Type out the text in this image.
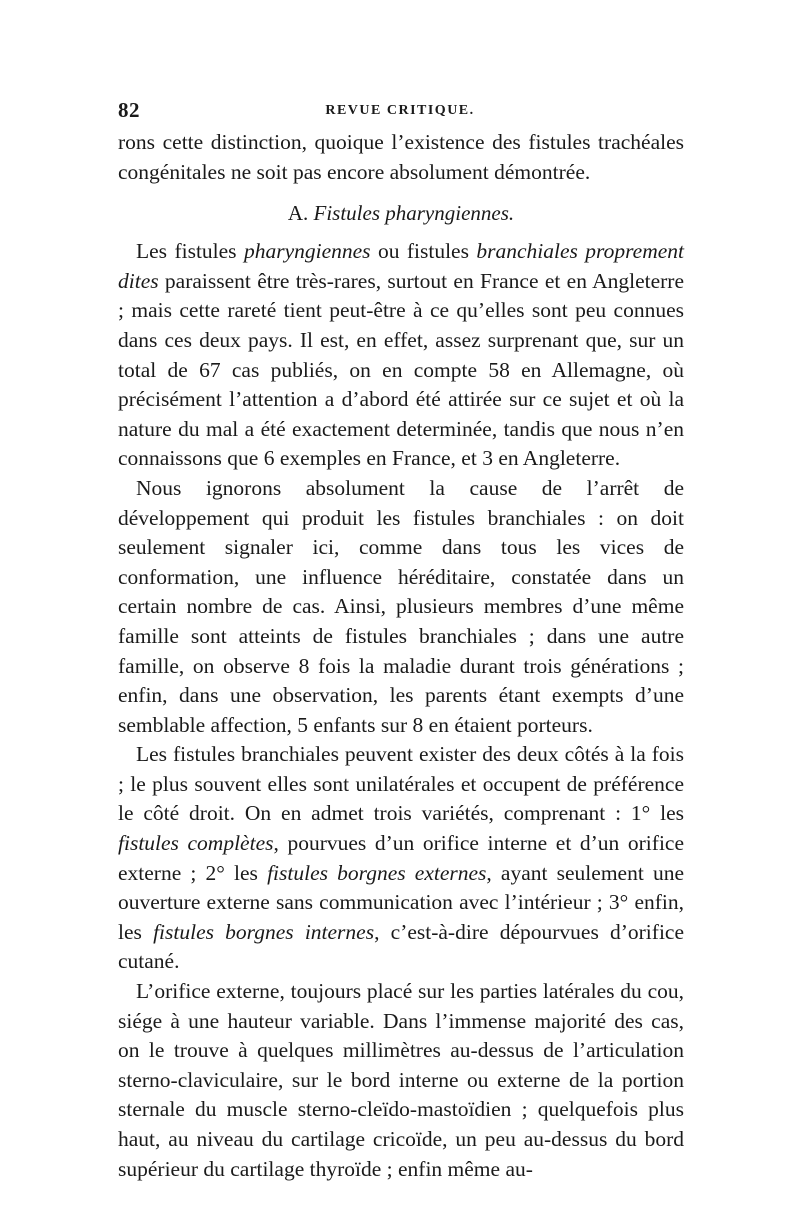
82	REVUE CRITIQUE.

rons cette distinction, quoique l’existence des fistules trachéales congénitales ne soit pas encore absolument démontrée.

A. Fistules pharyngiennes.

Les fistules pharyngiennes ou fistules branchiales proprement dites paraissent être très-rares, surtout en France et en Angleterre ; mais cette rareté tient peut-être à ce qu’elles sont peu connues dans ces deux pays. Il est, en effet, assez surprenant que, sur un total de 67 cas publiés, on en compte 58 en Allemagne, où précisément l’attention a d’abord été attirée sur ce sujet et où la nature du mal a été exactement determinée, tandis que nous n’en connaissons que 6 exemples en France, et 3 en Angleterre.

Nous ignorons absolument la cause de l’arrêt de développement qui produit les fistules branchiales : on doit seulement signaler ici, comme dans tous les vices de conformation, une influence héréditaire, constatée dans un certain nombre de cas. Ainsi, plusieurs membres d’une même famille sont atteints de fistules branchiales ; dans une autre famille, on observe 8 fois la maladie durant trois générations ; enfin, dans une observation, les parents étant exempts d’une semblable affection, 5 enfants sur 8 en étaient porteurs.

Les fistules branchiales peuvent exister des deux côtés à la fois ; le plus souvent elles sont unilatérales et occupent de préférence le côté droit. On en admet trois variétés, comprenant : 1° les fistules complètes, pourvues d’un orifice interne et d’un orifice externe ; 2° les fistules borgnes externes, ayant seulement une ouverture externe sans communication avec l’intérieur ; 3° enfin, les fistules borgnes internes, c’est-à-dire dépourvues d’orifice cutané.

L’orifice externe, toujours placé sur les parties latérales du cou, siége à une hauteur variable. Dans l’immense majorité des cas, on le trouve à quelques millimètres au-dessus de l’articulation sterno-claviculaire, sur le bord interne ou externe de la portion sternale du muscle sterno-cleïdo-mastoïdien ; quelquefois plus haut, au niveau du cartilage cricoïde, un peu au-dessus du bord supérieur du cartilage thyroïde ; enfin même au-
